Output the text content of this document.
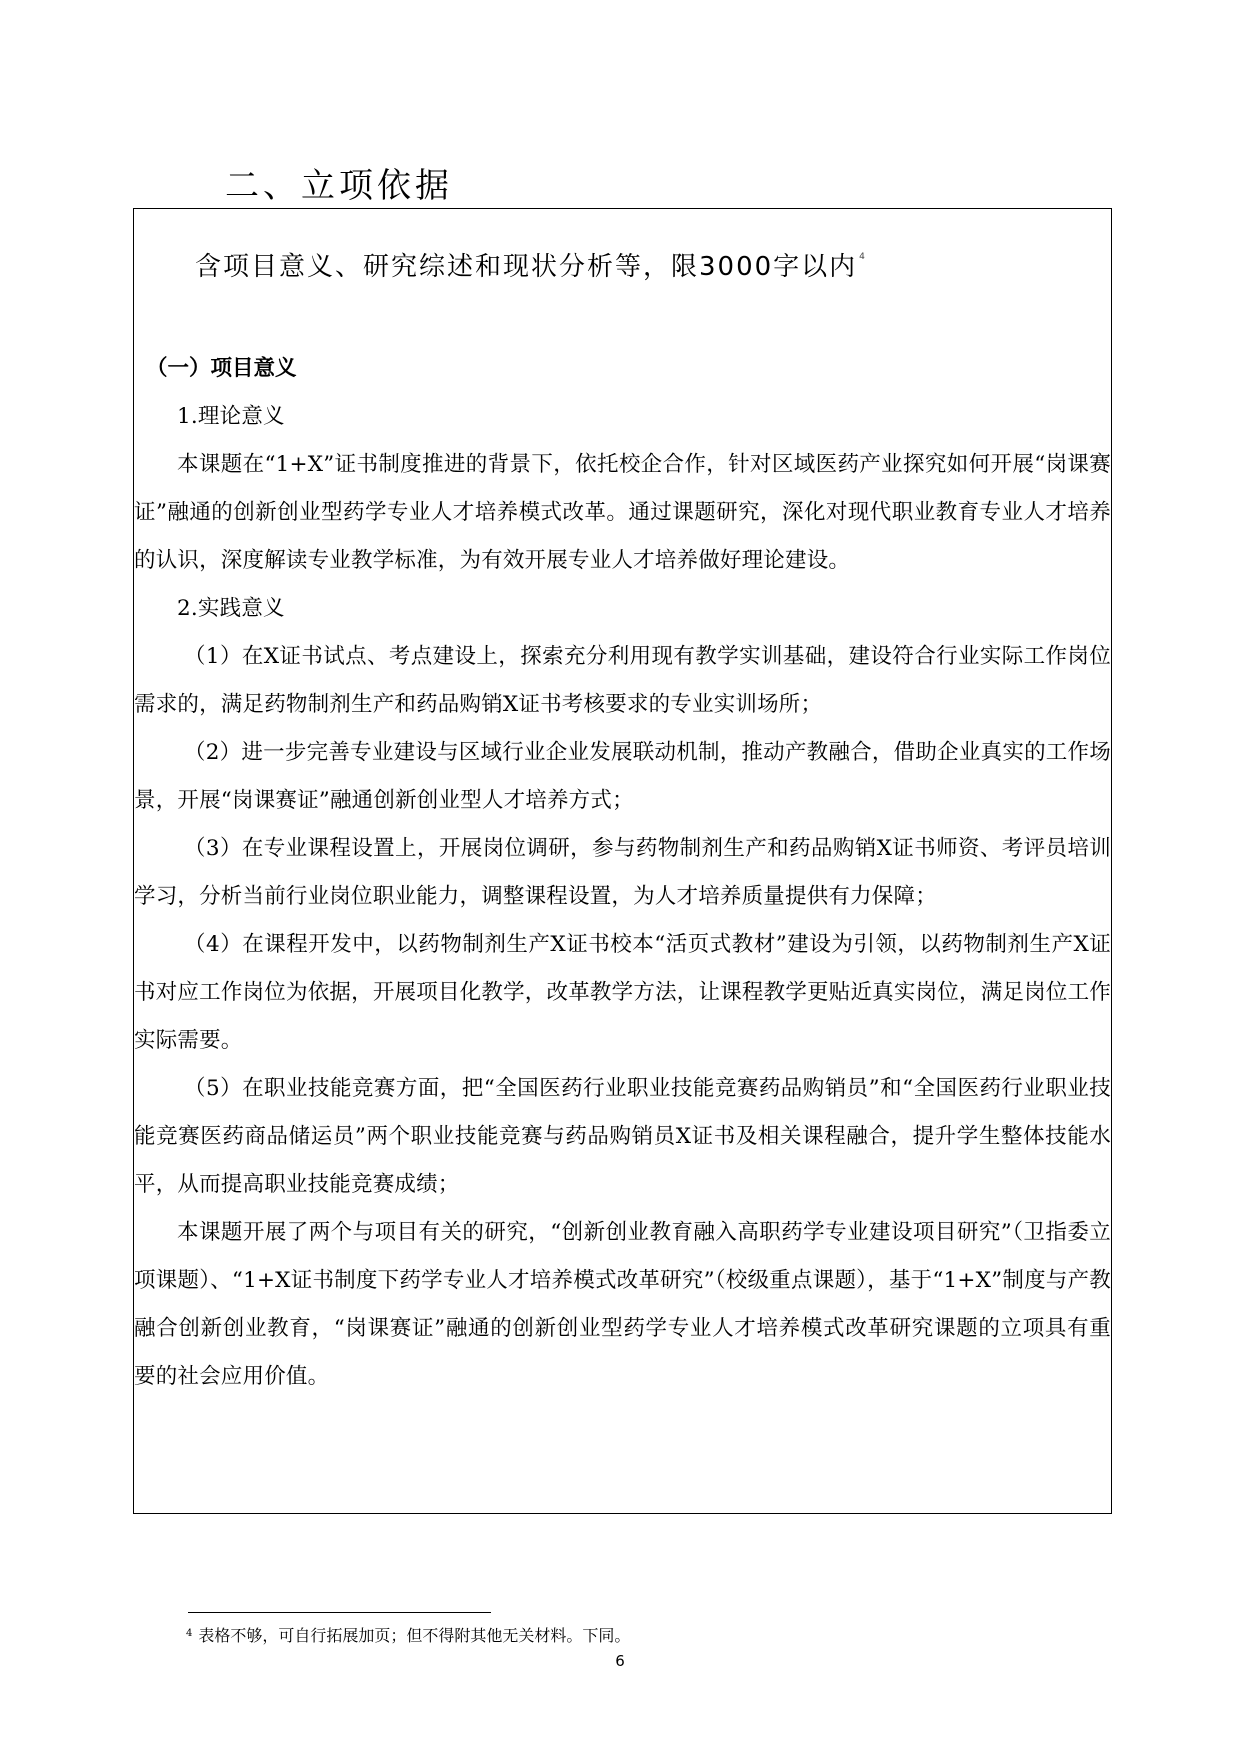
二、立项依据
含项目意义、研究综述和现状分析等，限3000字以内 $^4$

（一）项目意义

1.理论意义

本课题在“1+X”证书制度推进的背景下，依托校企合作，针对区域医药产业探究如何开展“岗课赛证”融通的创新创业型药学专业人才培养模式改革。通过课题研究，深化对现代职业教育专业人才培养的认识，深度解读专业教学标准，为有效开展专业人才培养做好理论建设。

2.实践意义

（1）在X证书试点、考点建设上，探索充分利用现有教学实训基础，建设符合行业实际工作岗位需求的，满足药物制剂生产和药品购销X证书考核要求的专业实训场所；

（2）进一步完善专业建设与区域行业企业发展联动机制，推动产教融合，借助企业真实的工作场景，开展“岗课赛证”融通创新创业型人才培养方式；

（3）在专业课程设置上，开展岗位调研，参与药物制剂生产和药品购销X证书师资、考评员培训学习，分析当前行业岗位职业能力，调整课程设置，为人才培养质量提供有力保障；

（4）在课程开发中，以药物制剂生产X证书校本“活页式教材”建设为引领，以药物制剂生产X证书对应工作岗位为依据，开展项目化教学，改革教学方法，让课程教学更贴近真实岗位，满足岗位工作实际需要。

（5）在职业技能竞赛方面，把“全国医药行业职业技能竞赛药品购销员”和“全国医药行业职业技能竞赛医药商品储运员”两个职业技能竞赛与药品购销员X证书及相关课程融合，提升学生整体技能水平，从而提高职业技能竞赛成绩；

本课题开展了两个与项目有关的研究，“创新创业教育融入高职药学专业建设项目研究”（卫指委立项课题）、“1+X证书制度下药学专业人才培养模式改革研究”（校级重点课题），基于“1+X”制度与产教融合创新创业教育，“岗课赛证”融通的创新创业型药学专业人才培养模式改革研究课题的立项具有重要的社会应用价值。

$^4$ 表格不够，可自行拓展加页；但不得附其他无关材料。下同。
6
